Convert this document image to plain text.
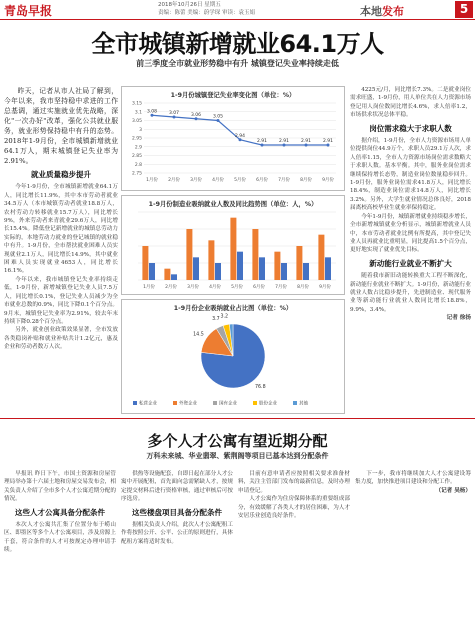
青岛早报	2018年10月26日 星期五
责编：陈蕾 美编：蔚学琛 审读：袁玉娟	本地发布	5
全市城镇新增就业64.1万人
前三季度全市就业形势稳中有升 城镇登记失业率持续走低

昨天，记者从市人社局了解到，今年以来，我市坚持稳中求进的工作总基调，通过实施就业优先战略，深化"一次办好"改革，强化公共就业服务，就业形势保持稳中有升的态势。2018年1-9月份，全市城镇新增就业64.1万人，期末城镇登记失业率为2.91%。

就业质量稳步提升

今年1-9月份，全市城镇新增就业64.1万人，同比增长11.9%，其中本市劳动者就业34.5万人（本市城镇劳动者就业18.8万人，农村劳动力转移就业15.7万人），同比增长9%，外来劳动者来青就业29.6万人，同比增长15.4%。降低登记新增就业的城镇总劳动力实际的，本地劳动力就业的登记城镇的就业稳中有升。1-9月份，全市帮扶就业困难人员实现就业2.1万人，同比增长14.9%，其中就业困难人员实现就业4653人，同比增长16.1%。

今年以来，我市城镇登记失业率持续走低，1-9月份，新增城镇登记失业人员7.5万人，同比增长0.1%，登记失业人员减少为全市就业总数的0.9%，同比下降0.1个百分点。9月末，城镇登记失业率为2.91%，较去年末持续下降0.28个百分点。

另外，就业创业政策效果显著，全市发放各类稳岗补贴和就业补贴共计1.2亿元，惠及企业和劳动者数万人次。

1-9月份城镇登记失业率变化图（单位：%）
2.75
2.8
2.85
2.9
2.95
3
3.05
3.1
3.15
3.08
1月份
3.07
2月份
3.06
3月份
3.05
4月份
2.94
5月份
2.91
6月份
2.91
7月份
2.91
8月份
2.91
9月份
1-9月份制造业吸纳就业人数及同比趋势图（单位：人，%）
1月份 2月份 3月份 4月份 5月份 6月份 7月份 8月份 9月份
1-9月份企业吸纳就业占比图（单位：%）
76.8
14.5
3.7
3.2
私营企业	外资企业	国有企业	股份企业	其他

4225元/月，同比增长7.3%。二是就业岗位需求旺盛，1-9月份，用人单位共在人力资源市场登记用人岗位数同比增长4.6%，求人倍率1.2，市场供求状况总体平稳。

岗位需求稳大于求职人数

据介绍，1-9月份，全市人力资源市场用人单位提供岗位44.9万个，求职人员29.1万人次，求人倍率1.15，全市人力资源市场岗位需求数略大于求职人数。基本平衡。其中，服务业岗位需求继续保持增长态势，制造业岗位数量稳步回升。1-9月份，服务业岗位需求41.8万人，同比增长18.4%，制造业岗位需求14.8万人，同比增长3.2%。另外，大学生就业情况总体良好，2018届离校高校毕业生就业率保持稳定。

今年1-9月份，城镇新增就业持续稳步增长，全市新增城镇就业分析显示，城镇新增就业人员中，本市劳动者就业比例有所提高，其中登记失业人员再就业比重明显，同比提高1.5个百分点，更好地实现了就业优先目标。

新动能行业就业不断扩大

随着我市新旧动能转换重大工程不断深化，新动能行业就业不断扩大。1-9月份，新动能行业就业人数占比稳步提升，先进制造业、现代服务业等新动能行业就业人数同比增长18.8%，9.9%，3.4%。

记者 徐扬
多个人才公寓有望近期分配
万科未来城、华业翡翠、紫荆阁等项目已基本达到分配条件

早报讯 昨日下午，市国土资源和房屋管理局举办第十六届土地和房屋交易发布会，相关负责人介绍了全市多个人才公寓近期分配的情况。

这些人才公寓具备分配条件

本次人才公寓共汇集了位置分布于崂山区、即墨区等多个人才公寓项目，涉及房源上千套，符合条件的人才可按规定办理申请手续。

供热等设施配套，自即日起在部分人才公寓中开展配租，首先面向急需紧缺人才，按规定提交材料后进行资格审核，通过审核后可按序选房。

这些楼盘项目具备分配条件

据相关负责人介绍，此次人才公寓配租工作将按照公开、公平、公正的原则进行，具体配租方案将适时发布。

目前有意申请者应按照相关要求准备材料，关注主管部门发布的最新信息，及时办理申请登记。

人才公寓作为住房保障体系的重要组成部分，有效缓解了各类人才的居住困难，为人才安居乐业创造良好条件。

下一步，我市将继续加大人才公寓建设筹集力度，加快推进项目建设和分配工作。

（记者 吴杨）
